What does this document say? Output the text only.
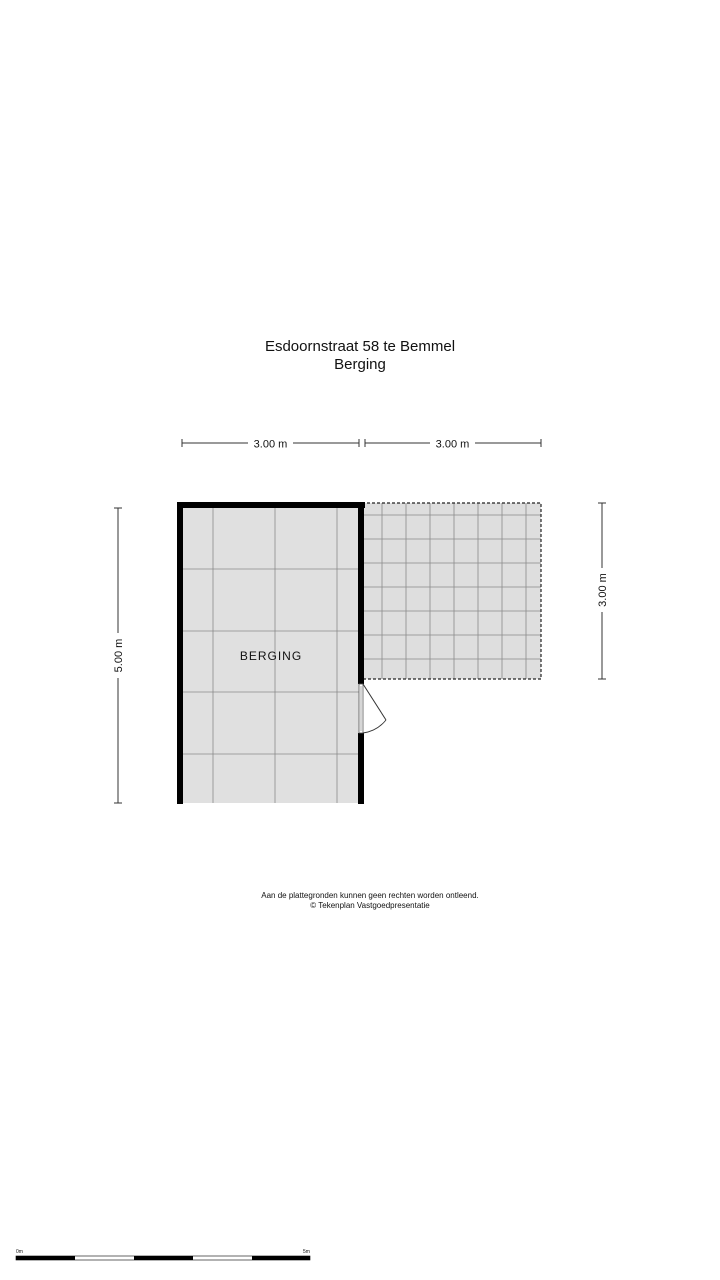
Esdoornstraat 58 te Bemmel
Berging
3.00 m	3.00 m
5.00 m
3.00 m
BERGING
Aan de plattegronden kunnen geen rechten worden ontleend.
© Tekenplan Vastgoedpresentatie
0m	5m
